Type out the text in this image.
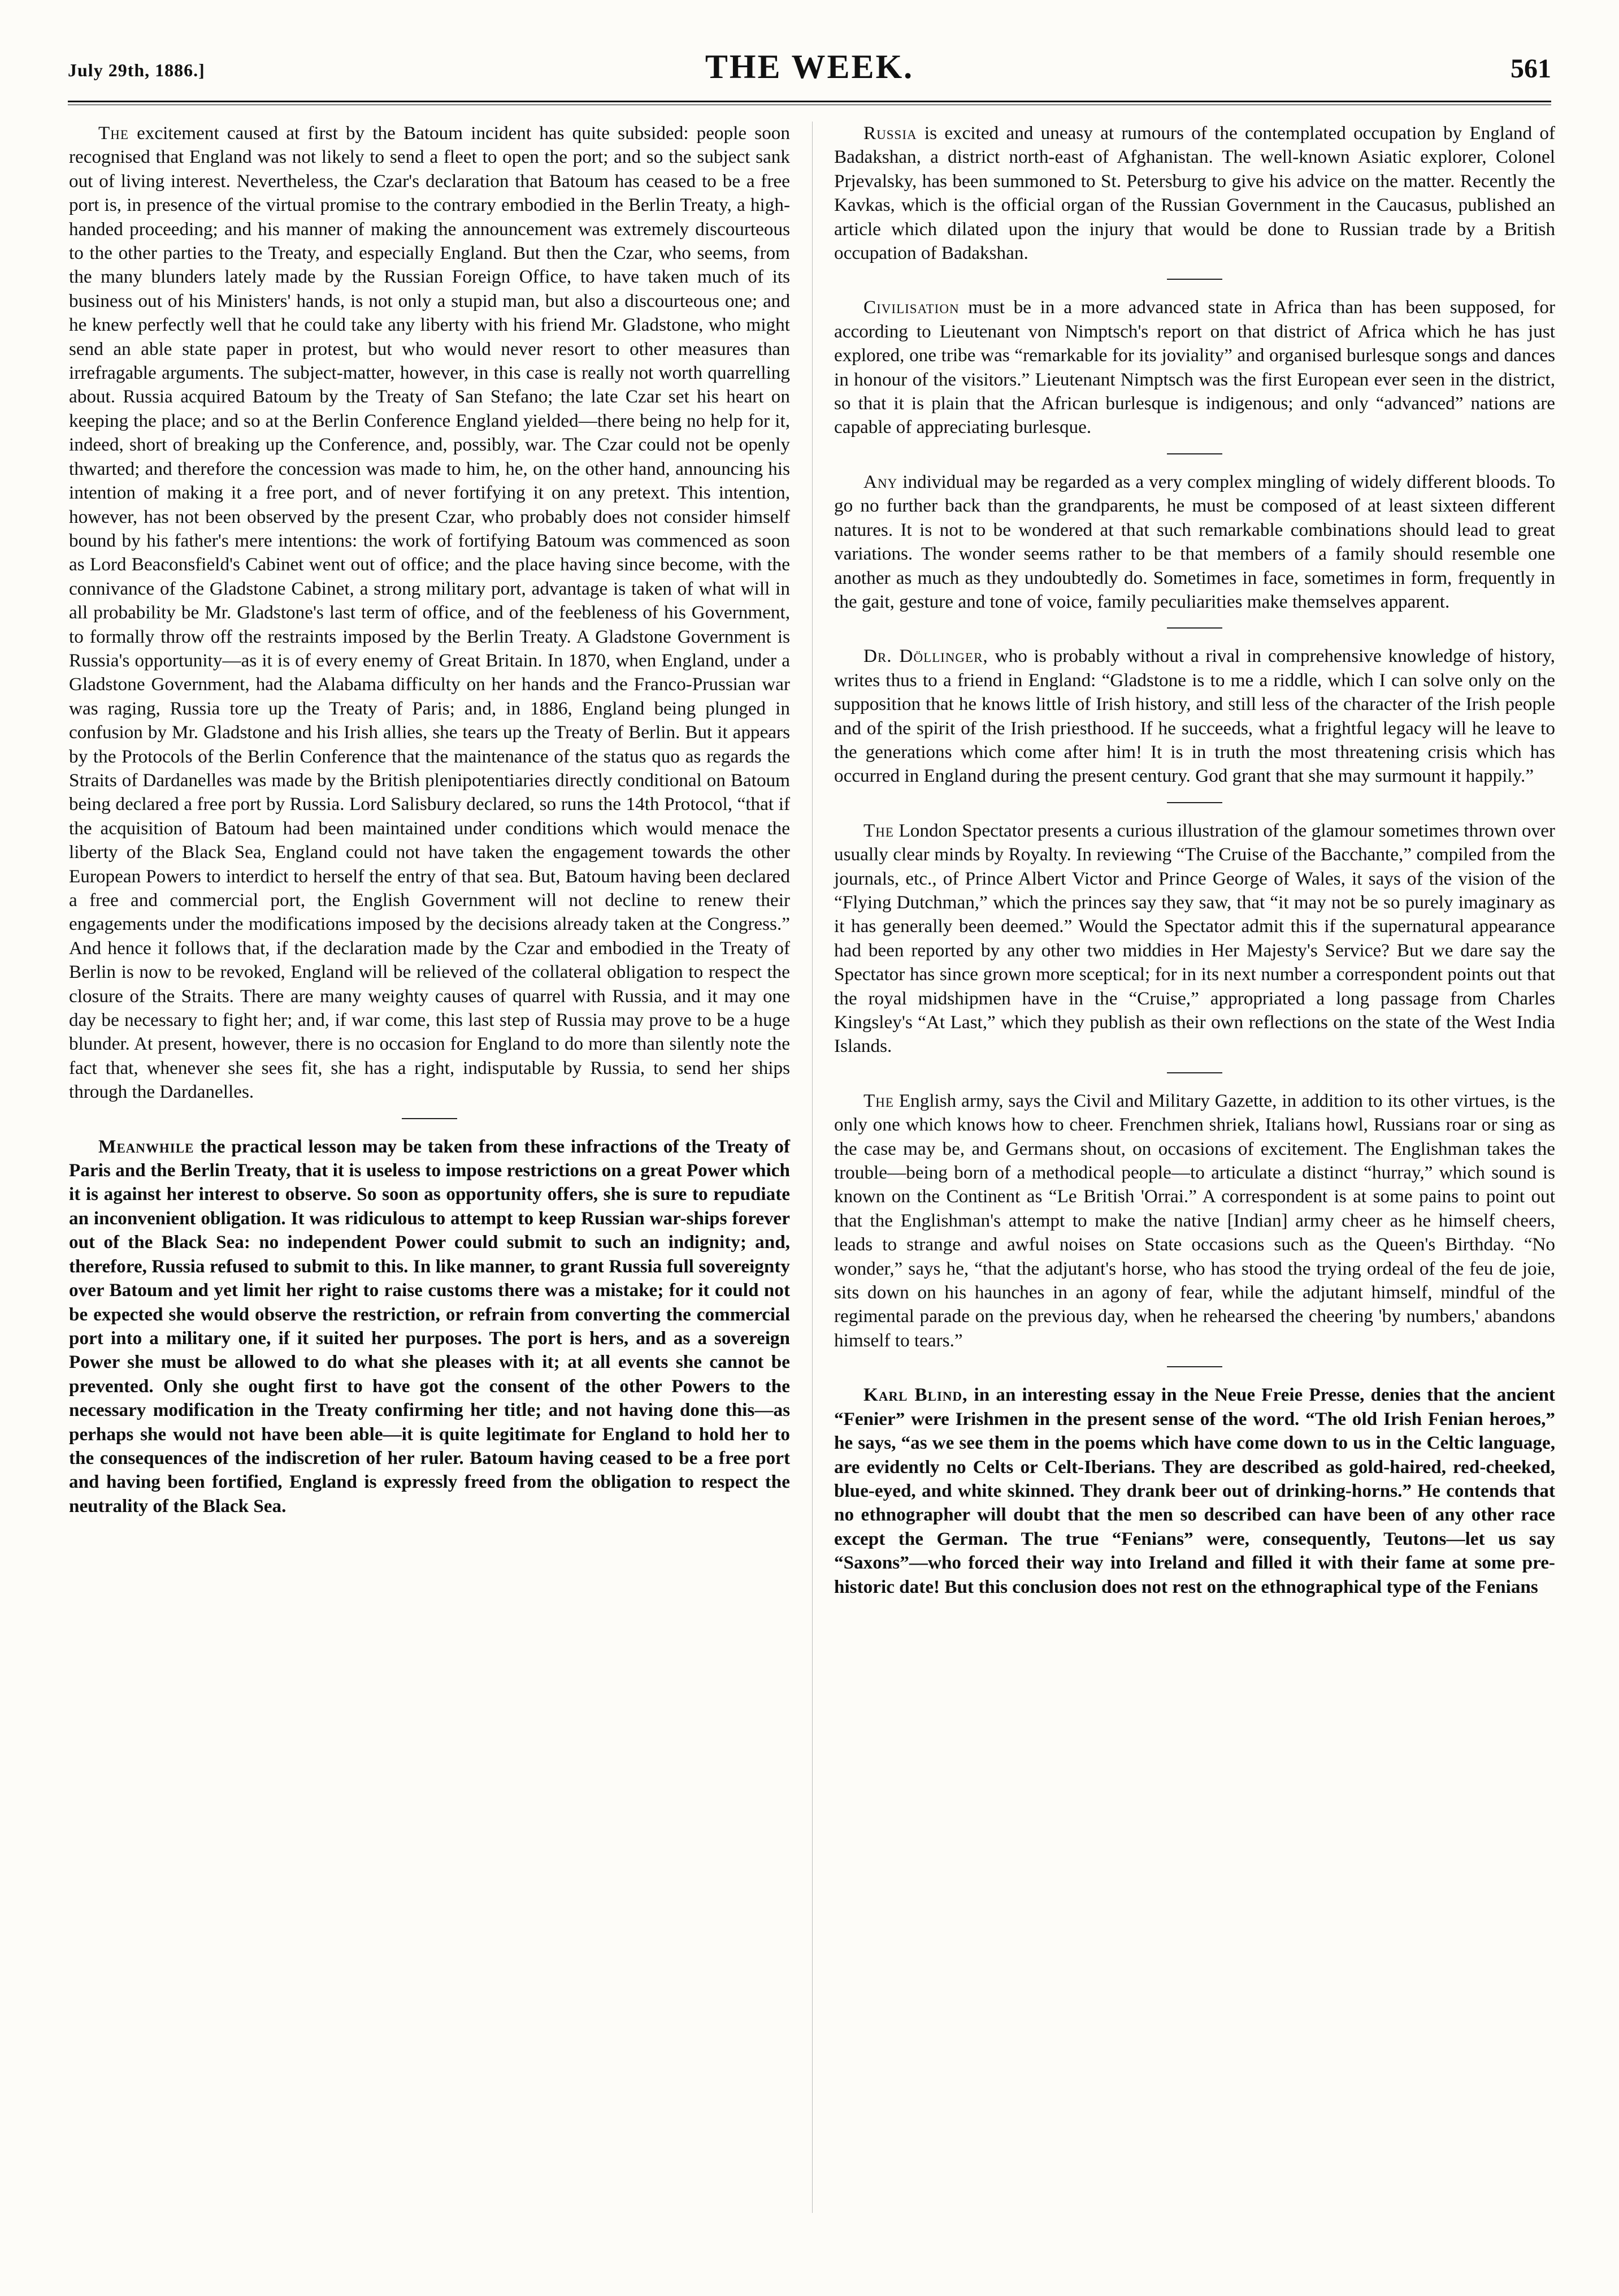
July 29th, 1886.]	THE WEEK.	561

The excitement caused at first by the Batoum incident has quite subsided: people soon recognised that England was not likely to send a fleet to open the port; and so the subject sank out of living interest. Nevertheless, the Czar's declaration that Batoum has ceased to be a free port is, in presence of the virtual promise to the contrary embodied in the Berlin Treaty, a high-handed proceeding; and his manner of making the announcement was extremely discourteous to the other parties to the Treaty, and especially England. But then the Czar, who seems, from the many blunders lately made by the Russian Foreign Office, to have taken much of its business out of his Ministers' hands, is not only a stupid man, but also a discourteous one; and he knew perfectly well that he could take any liberty with his friend Mr. Gladstone, who might send an able state paper in protest, but who would never resort to other measures than irrefragable arguments. The subject-matter, however, in this case is really not worth quarrelling about. Russia acquired Batoum by the Treaty of San Stefano; the late Czar set his heart on keeping the place; and so at the Berlin Conference England yielded—there being no help for it, indeed, short of breaking up the Conference, and, possibly, war. The Czar could not be openly thwarted; and therefore the concession was made to him, he, on the other hand, announcing his intention of making it a free port, and of never fortifying it on any pretext. This intention, however, has not been observed by the present Czar, who probably does not consider himself bound by his father's mere intentions: the work of fortifying Batoum was commenced as soon as Lord Beaconsfield's Cabinet went out of office; and the place having since become, with the connivance of the Gladstone Cabinet, a strong military port, advantage is taken of what will in all probability be Mr. Gladstone's last term of office, and of the feebleness of his Government, to formally throw off the restraints imposed by the Berlin Treaty. A Gladstone Government is Russia's opportunity—as it is of every enemy of Great Britain. In 1870, when England, under a Gladstone Government, had the Alabama difficulty on her hands and the Franco-Prussian war was raging, Russia tore up the Treaty of Paris; and, in 1886, England being plunged in confusion by Mr. Gladstone and his Irish allies, she tears up the Treaty of Berlin. But it appears by the Protocols of the Berlin Conference that the maintenance of the status quo as regards the Straits of Dardanelles was made by the British plenipotentiaries directly conditional on Batoum being declared a free port by Russia. Lord Salisbury declared, so runs the 14th Protocol, “that if the acquisition of Batoum had been maintained under conditions which would menace the liberty of the Black Sea, England could not have taken the engagement towards the other European Powers to interdict to herself the entry of that sea. But, Batoum having been declared a free and commercial port, the English Government will not decline to renew their engagements under the modifications imposed by the decisions already taken at the Congress.” And hence it follows that, if the declaration made by the Czar and embodied in the Treaty of Berlin is now to be revoked, England will be relieved of the collateral obligation to respect the closure of the Straits. There are many weighty causes of quarrel with Russia, and it may one day be necessary to fight her; and, if war come, this last step of Russia may prove to be a huge blunder. At present, however, there is no occasion for England to do more than silently note the fact that, whenever she sees fit, she has a right, indisputable by Russia, to send her ships through the Dardanelles.

Meanwhile the practical lesson may be taken from these infractions of the Treaty of Paris and the Berlin Treaty, that it is useless to impose restrictions on a great Power which it is against her interest to observe. So soon as opportunity offers, she is sure to repudiate an inconvenient obligation. It was ridiculous to attempt to keep Russian war-ships forever out of the Black Sea: no independent Power could submit to such an indignity; and, therefore, Russia refused to submit to this. In like manner, to grant Russia full sovereignty over Batoum and yet limit her right to raise customs there was a mistake; for it could not be expected she would observe the restriction, or refrain from converting the commercial port into a military one, if it suited her purposes. The port is hers, and as a sovereign Power she must be allowed to do what she pleases with it; at all events she cannot be prevented. Only she ought first to have got the consent of the other Powers to the necessary modification in the Treaty confirming her title; and not having done this—as perhaps she would not have been able—it is quite legitimate for England to hold her to the consequences of the indiscretion of her ruler. Batoum having ceased to be a free port and having been fortified, England is expressly freed from the obligation to respect the neutrality of the Black Sea.

Russia is excited and uneasy at rumours of the contemplated occupation by England of Badakshan, a district north-east of Afghanistan. The well-known Asiatic explorer, Colonel Prjevalsky, has been summoned to St. Petersburg to give his advice on the matter. Recently the Kavkas, which is the official organ of the Russian Government in the Caucasus, published an article which dilated upon the injury that would be done to Russian trade by a British occupation of Badakshan.

Civilisation must be in a more advanced state in Africa than has been supposed, for according to Lieutenant von Nimptsch's report on that district of Africa which he has just explored, one tribe was “remarkable for its joviality” and organised burlesque songs and dances in honour of the visitors.” Lieutenant Nimptsch was the first European ever seen in the district, so that it is plain that the African burlesque is indigenous; and only “advanced” nations are capable of appreciating burlesque.

Any individual may be regarded as a very complex mingling of widely different bloods. To go no further back than the grandparents, he must be composed of at least sixteen different natures. It is not to be wondered at that such remarkable combinations should lead to great variations. The wonder seems rather to be that members of a family should resemble one another as much as they undoubtedly do. Sometimes in face, sometimes in form, frequently in the gait, gesture and tone of voice, family peculiarities make themselves apparent.

Dr. Döllinger, who is probably without a rival in comprehensive knowledge of history, writes thus to a friend in England: “Gladstone is to me a riddle, which I can solve only on the supposition that he knows little of Irish history, and still less of the character of the Irish people and of the spirit of the Irish priesthood. If he succeeds, what a frightful legacy will he leave to the generations which come after him! It is in truth the most threatening crisis which has occurred in England during the present century. God grant that she may surmount it happily.”

The London Spectator presents a curious illustration of the glamour sometimes thrown over usually clear minds by Royalty. In reviewing “The Cruise of the Bacchante,” compiled from the journals, etc., of Prince Albert Victor and Prince George of Wales, it says of the vision of the “Flying Dutchman,” which the princes say they saw, that “it may not be so purely imaginary as it has generally been deemed.” Would the Spectator admit this if the supernatural appearance had been reported by any other two middies in Her Majesty's Service? But we dare say the Spectator has since grown more sceptical; for in its next number a correspondent points out that the royal midshipmen have in the “Cruise,” appropriated a long passage from Charles Kingsley's “At Last,” which they publish as their own reflections on the state of the West India Islands.

The English army, says the Civil and Military Gazette, in addition to its other virtues, is the only one which knows how to cheer. Frenchmen shriek, Italians howl, Russians roar or sing as the case may be, and Germans shout, on occasions of excitement. The Englishman takes the trouble—being born of a methodical people—to articulate a distinct “hurray,” which sound is known on the Continent as “Le British 'Orrai.” A correspondent is at some pains to point out that the Englishman's attempt to make the native [Indian] army cheer as he himself cheers, leads to strange and awful noises on State occasions such as the Queen's Birthday. “No wonder,” says he, “that the adjutant's horse, who has stood the trying ordeal of the feu de joie, sits down on his haunches in an agony of fear, while the adjutant himself, mindful of the regimental parade on the previous day, when he rehearsed the cheering 'by numbers,' abandons himself to tears.”

Karl Blind, in an interesting essay in the Neue Freie Presse, denies that the ancient “Fenier” were Irishmen in the present sense of the word. “The old Irish Fenian heroes,” he says, “as we see them in the poems which have come down to us in the Celtic language, are evidently no Celts or Celt-Iberians. They are described as gold-haired, red-cheeked, blue-eyed, and white skinned. They drank beer out of drinking-horns.” He contends that no ethnographer will doubt that the men so described can have been of any other race except the German. The true “Fenians” were, consequently, Teutons—let us say “Saxons”—who forced their way into Ireland and filled it with their fame at some pre-historic date! But this conclusion does not rest on the ethnographical type of the Fenians
